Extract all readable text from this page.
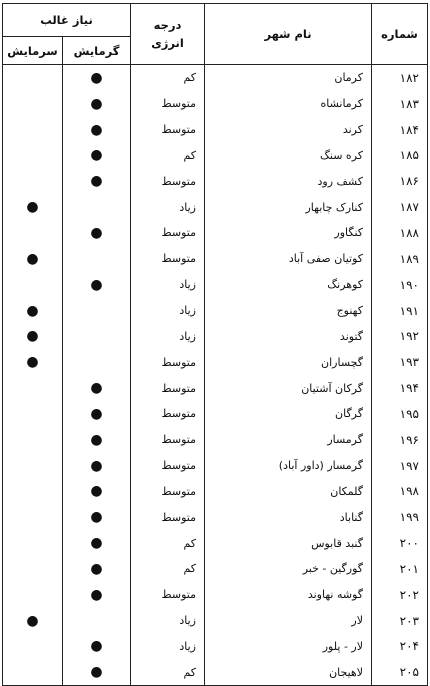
شماره	نام شهر	درجه انرژی	نیاز غالب	
			گرمایش	سرمایش
۱۸۲	کرمان	کم	●	
۱۸۳	کرمانشاه	متوسط	●	
۱۸۴	کرند	متوسط	●	
۱۸۵	کره سنگ	کم	●	
۱۸۶	کشف رود	متوسط	●	
۱۸۷	کنارک چابهار	زیاد		●
۱۸۸	کنگاور	متوسط	●	
۱۸۹	کوتیان صفی آباد	متوسط		●
۱۹۰	کوهرنگ	زیاد	●	
۱۹۱	کهنوج	زیاد		●
۱۹۲	گتوند	زیاد		●
۱۹۳	گچساران	متوسط		●
۱۹۴	گرکان آشتیان	متوسط	●	
۱۹۵	گرگان	متوسط	●	
۱۹۶	گرمسار	متوسط	●	
۱۹۷	گرمسار (داور آباد)	متوسط	●	
۱۹۸	گلمکان	متوسط	●	
۱۹۹	گناباد	متوسط	●	
۲۰۰	گنبد قابوس	کم	●	
۲۰۱	گورگین - خبر	کم	●	
۲۰۲	گوشه نهاوند	متوسط	●	
۲۰۳	لار	زیاد		●
۲۰۴	لار - پلور	زیاد	●	
۲۰۵	لاهیجان	کم	●	
